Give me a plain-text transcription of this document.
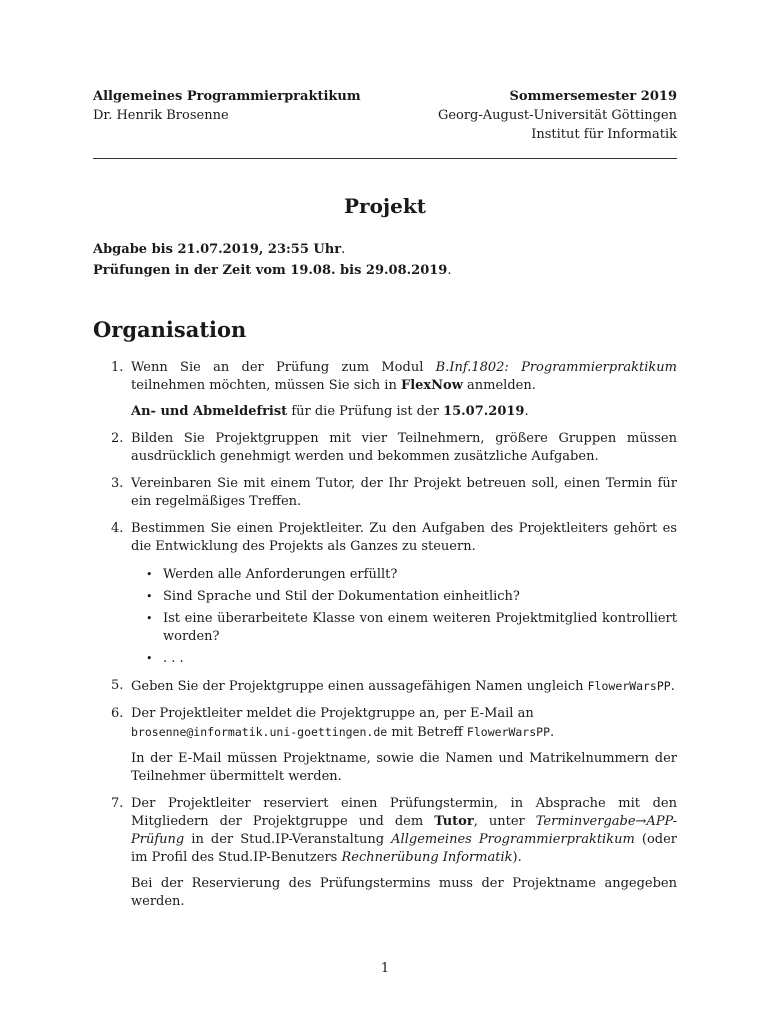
Allgemeines Programmierpraktikum
Dr. Henrik Brosenne
Sommersemester 2019
Georg-August-Universität Göttingen
Institut für Informatik
Projekt
Abgabe bis 21.07.2019, 23:55 Uhr.
Prüfungen in der Zeit vom 19.08. bis 29.08.2019.
Organisation
1. Wenn Sie an der Prüfung zum Modul B.Inf.1802: Programmierpraktikum teilnehmen möchten, müssen Sie sich in FlexNow anmelden.

An- und Abmeldefrist für die Prüfung ist der 15.07.2019.

2. Bilden Sie Projektgruppen mit vier Teilnehmern, größere Gruppen müssen ausdrücklich genehmigt werden und bekommen zusätzliche Aufgaben.

3. Vereinbaren Sie mit einem Tutor, der Ihr Projekt betreuen soll, einen Termin für ein regelmäßiges Treffen.

4. Bestimmen Sie einen Projektleiter. Zu den Aufgaben des Projektleiters gehört es die Entwicklung des Projekts als Ganzes zu steuern.

• Werden alle Anforderungen erfüllt?
• Sind Sprache und Stil der Dokumentation einheitlich?
• Ist eine überarbeitete Klasse von einem weiteren Projektmitglied kontrolliert worden?
• . . .
5. Geben Sie der Projektgruppe einen aussagefähigen Namen ungleich FlowerWarsPP.

6. Der Projektleiter meldet die Projektgruppe an, per E-Mail an
brosenne@informatik.uni-goettingen.de mit Betreff FlowerWarsPP.

In der E-Mail müssen Projektname, sowie die Namen und Matrikelnummern der Teilnehmer übermittelt werden.

7. Der Projektleiter reserviert einen Prüfungstermin, in Absprache mit den Mitgliedern der Projektgruppe und dem Tutor, unter Terminvergabe→APP-Prüfung in der Stud.IP-Veranstaltung Allgemeines Programmierpraktikum (oder im Profil des Stud.IP-Benutzers Rechnerübung Informatik).

Bei der Reservierung des Prüfungstermins muss der Projektname angegeben werden.

1
